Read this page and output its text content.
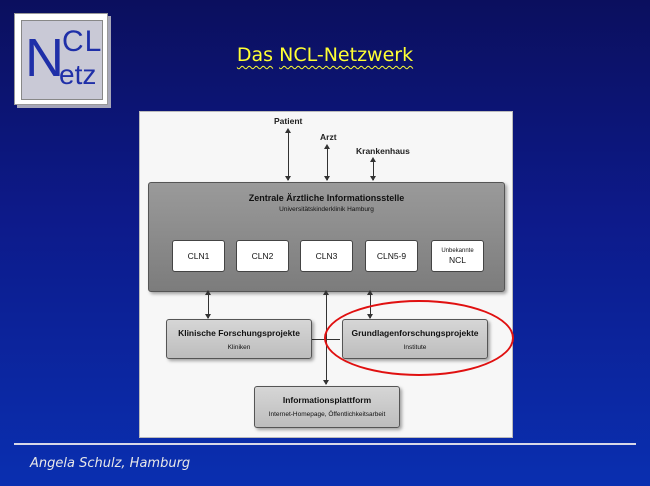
N
CL
etz
Das NCL-Netzwerk
Patient
Arzt
Krankenhaus
Zentrale Ärztliche Informationsstelle
Universitätskinderklinik Hamburg
CLN1	CLN2	CLN3	CLN5-9	Unbekannte
NCL
Klinische Forschungsprojekte
Kliniken
Grundlagenforschungsprojekte
Institute
Informationsplattform
Internet-Homepage, Öffentlichkeitsarbeit
Angela Schulz, Hamburg
